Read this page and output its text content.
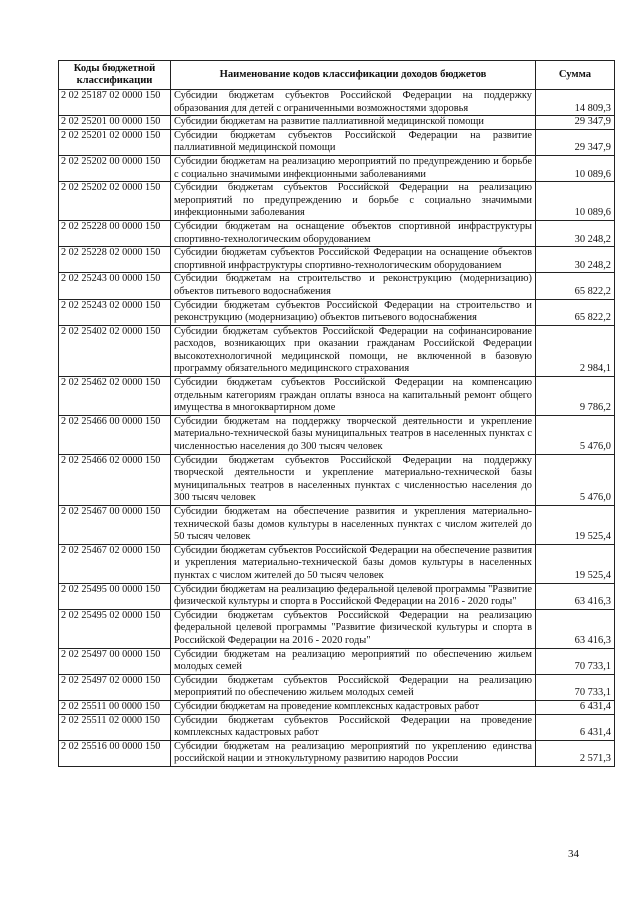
Коды бюджетной классификации	Наименование кодов классификации доходов бюджетов	Сумма
2 02 25187 02 0000 150	Субсидии бюджетам субъектов Российской Федерации на поддержку образования для детей с ограниченными возможностями здоровья	14 809,3
2 02 25201 00 0000 150	Субсидии бюджетам на развитие паллиативной медицинской помощи	29 347,9
2 02 25201 02 0000 150	Субсидии бюджетам субъектов Российской Федерации на развитие паллиативной медицинской помощи	29 347,9
2 02 25202 00 0000 150	Субсидии бюджетам на реализацию мероприятий по предупреждению и борьбе с социально значимыми инфекционными заболеваниями	10 089,6
2 02 25202 02 0000 150	Субсидии бюджетам субъектов Российской Федерации на реализацию мероприятий по предупреждению и борьбе с социально значимыми инфекционными заболевания	10 089,6
2 02 25228 00 0000 150	Субсидии бюджетам на оснащение объектов спортивной инфраструктуры спортивно-технологическим оборудованием	30 248,2
2 02 25228 02 0000 150	Субсидии бюджетам субъектов Российской Федерации на оснащение объектов спортивной инфраструктуры спортивно-технологическим оборудованием	30 248,2
2 02 25243 00 0000 150	Субсидии бюджетам на строительство и реконструкцию (модернизацию) объектов питьевого водоснабжения	65 822,2
2 02 25243 02 0000 150	Субсидии бюджетам субъектов Российской Федерации на строительство и реконструкцию (модернизацию) объектов питьевого водоснабжения	65 822,2
2 02 25402 02 0000 150	Субсидии бюджетам субъектов Российской Федерации на софинансирование расходов, возникающих при оказании гражданам Российской Федерации высокотехнологичной медицинской помощи, не включенной в базовую программу обязательного медицинского страхования	2 984,1
2 02 25462 02 0000 150	Субсидии бюджетам субъектов Российской Федерации на компенсацию отдельным категориям граждан оплаты взноса на капитальный ремонт общего имущества в многоквартирном доме	9 786,2
2 02 25466 00 0000 150	Субсидии бюджетам на поддержку творческой деятельности и укрепление материально-технической базы муниципальных театров в населенных пунктах с численностью населения до 300 тысяч человек	5 476,0
2 02 25466 02 0000 150	Субсидии бюджетам субъектов Российской Федерации на поддержку творческой деятельности и укрепление материально-технической базы муниципальных театров в населенных пунктах с численностью населения до 300 тысяч человек	5 476,0
2 02 25467 00 0000 150	Субсидии бюджетам на обеспечение развития и укрепления материально-технической базы домов культуры в населенных пунктах с числом жителей до 50 тысяч человек	19 525,4
2 02 25467 02 0000 150	Субсидии бюджетам субъектов Российской Федерации на обеспечение развития и укрепления материально-технической базы домов культуры в населенных пунктах с числом жителей до 50 тысяч человек	19 525,4
2 02 25495 00 0000 150	Субсидии бюджетам на реализацию федеральной целевой программы "Развитие физической культуры и спорта в Российской Федерации на 2016 - 2020 годы"	63 416,3
2 02 25495 02 0000 150	Субсидии бюджетам субъектов Российской Федерации на реализацию федеральной целевой программы "Развитие физической культуры и спорта в Российской Федерации на 2016 - 2020 годы"	63 416,3
2 02 25497 00 0000 150	Субсидии бюджетам на реализацию мероприятий по обеспечению жильем молодых семей	70 733,1
2 02 25497 02 0000 150	Субсидии бюджетам субъектов Российской Федерации на реализацию мероприятий по обеспечению жильем молодых семей	70 733,1
2 02 25511 00 0000 150	Субсидии бюджетам на проведение комплексных кадастровых работ	6 431,4
2 02 25511 02 0000 150	Субсидии бюджетам субъектов Российской Федерации на проведение комплексных кадастровых работ	6 431,4
2 02 25516 00 0000 150	Субсидии бюджетам на реализацию мероприятий по укреплению единства российской нации и этнокультурному развитию народов России	2 571,3
34
